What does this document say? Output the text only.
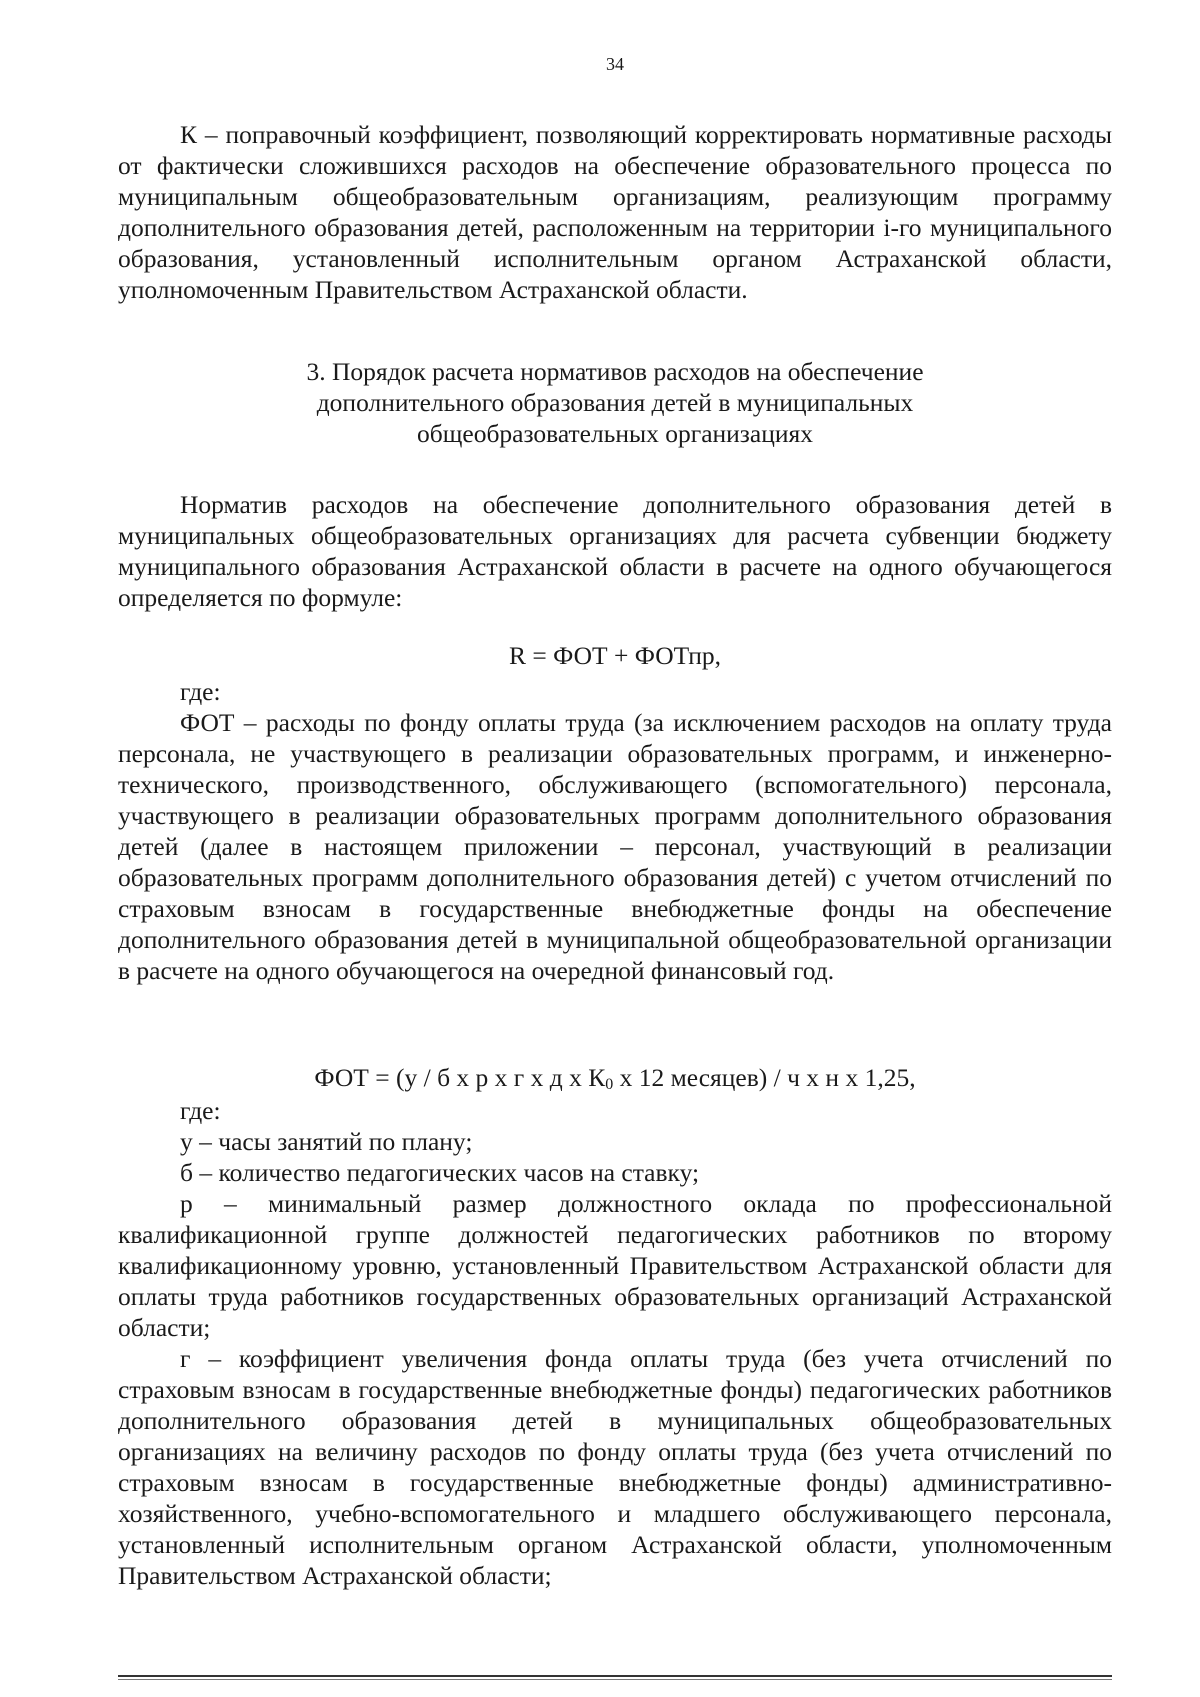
34

К – поправочный коэффициент, позволяющий корректировать нормативные расходы от фактически сложившихся расходов на обеспечение образовательного процесса по муниципальным общеобразовательным организациям, реализующим программу дополнительного образования детей, расположенным на территории i-го муниципального образования, установленный исполнительным органом Астраханской области, уполномоченным Правительством Астраханской области.

3. Порядок расчета нормативов расходов на обеспечение
дополнительного образования детей в муниципальных
общеобразовательных организациях

Норматив расходов на обеспечение дополнительного образования детей в муниципальных общеобразовательных организациях для расчета субвенции бюджету муниципального образования Астраханской области в расчете на одного обучающегося определяется по формуле:

R = ФОТ + ФОТпр,

где:

ФОТ – расходы по фонду оплаты труда (за исключением расходов на оплату труда персонала, не участвующего в реализации образовательных программ, и инженерно-технического, производственного, обслуживающего (вспомогательного) персонала, участвующего в реализации образовательных программ дополнительного образования детей (далее в настоящем приложении – персонал, участвующий в реализации образовательных программ дополнительного образования детей) с учетом отчислений по страховым взносам в государственные внебюджетные фонды на обеспечение дополнительного образования детей в муниципальной общеобразовательной организации в расчете на одного обучающегося на очередной финансовый год.

ФОТ = (у / б х р х г х д х $К_0$ х 12 месяцев) / ч х н х 1,25,

где:

у – часы занятий по плану;

б – количество педагогических часов на ставку;

р – минимальный размер должностного оклада по профессиональной квалификационной группе должностей педагогических работников по второму квалификационному уровню, установленный Правительством Астраханской области для оплаты труда работников государственных образовательных организаций Астраханской области;

г – коэффициент увеличения фонда оплаты труда (без учета отчислений по страховым взносам в государственные внебюджетные фонды) педагогических работников дополнительного образования детей в муниципальных общеобразовательных организациях на величину расходов по фонду оплаты труда (без учета отчислений по страховым взносам в государственные внебюджетные фонды) административно-хозяйственного, учебно-вспомогательного и младшего обслуживающего персонала, установленный исполнительным органом Астраханской области, уполномоченным Правительством Астраханской области;
